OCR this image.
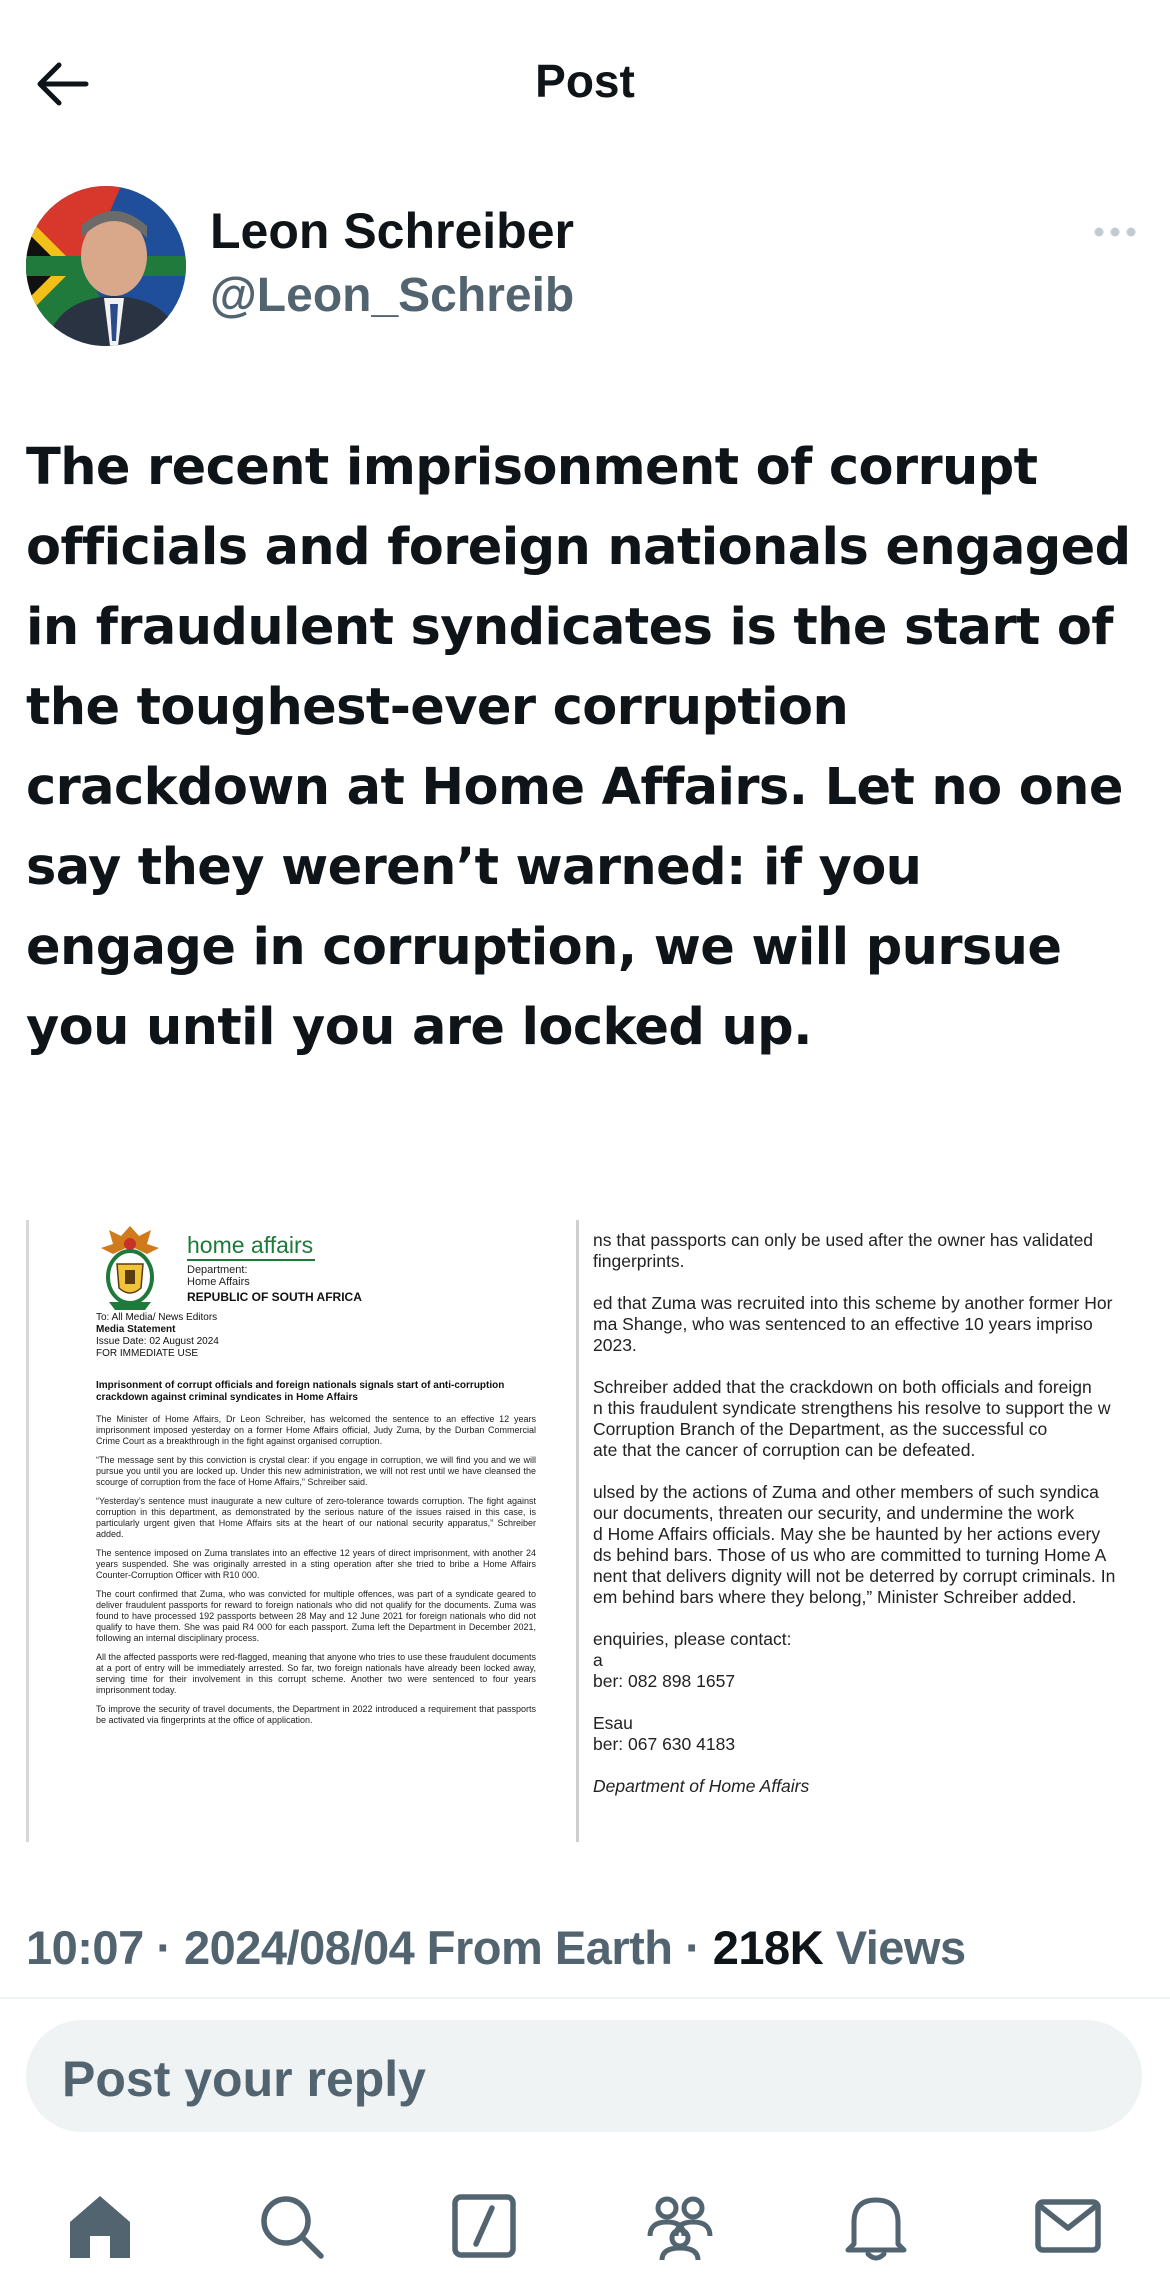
Post
Leon Schreiber
@Leon_Schreib
The recent imprisonment of corrupt officials and foreign nationals engaged in fraudulent syndicates is the start of the toughest-ever corruption crackdown at Home Affairs. Let no one say they weren’t warned: if you engage in corruption, we will pursue you until you are locked up.
home affairs
Department:
Home Affairs
REPUBLIC OF SOUTH AFRICA
To: All Media/ News Editors
Media Statement
Issue Date: 02 August 2024
FOR IMMEDIATE USE
Imprisonment of corrupt officials and foreign nationals signals start of anti-corruption crackdown against criminal syndicates in Home Affairs

The Minister of Home Affairs, Dr Leon Schreiber, has welcomed the sentence to an effective 12 years imprisonment imposed yesterday on a former Home Affairs official, Judy Zuma, by the Durban Commercial Crime Court as a breakthrough in the fight against organised corruption.

“The message sent by this conviction is crystal clear: if you engage in corruption, we will find you and we will pursue you until you are locked up. Under this new administration, we will not rest until we have cleansed the scourge of corruption from the face of Home Affairs,” Schreiber said.

“Yesterday’s sentence must inaugurate a new culture of zero-tolerance towards corruption. The fight against corruption in this department, as demonstrated by the serious nature of the issues raised in this case, is particularly urgent given that Home Affairs sits at the heart of our national security apparatus,” Schreiber added.

The sentence imposed on Zuma translates into an effective 12 years of direct imprisonment, with another 24 years suspended. She was originally arrested in a sting operation after she tried to bribe a Home Affairs Counter-Corruption Officer with R10 000.

The court confirmed that Zuma, who was convicted for multiple offences, was part of a syndicate geared to deliver fraudulent passports for reward to foreign nationals who did not qualify for the documents. Zuma was found to have processed 192 passports between 28 May and 12 June 2021 for foreign nationals who did not qualify to have them. She was paid R4 000 for each passport. Zuma left the Department in December 2021, following an internal disciplinary process.

All the affected passports were red-flagged, meaning that anyone who tries to use these fraudulent documents at a port of entry will be immediately arrested. So far, two foreign nationals have already been locked away, serving time for their involvement in this corrupt scheme. Another two were sentenced to four years imprisonment today.

To improve the security of travel documents, the Department in 2022 introduced a requirement that passports be activated via fingerprints at the office of application.

ns that passports can only be used after the owner has validated
fingerprints.

ed that Zuma was recruited into this scheme by another former Hor
ma Shange, who was sentenced to an effective 10 years impriso
2023.

Schreiber added that the crackdown on both officials and foreign
n this fraudulent syndicate strengthens his resolve to support the w
Corruption Branch of the Department, as the successful co
ate that the cancer of corruption can be defeated.

ulsed by the actions of Zuma and other members of such syndica
our documents, threaten our security, and undermine the work
d Home Affairs officials. May she be haunted by her actions every
ds behind bars. Those of us who are committed to turning Home A
nent that delivers dignity will not be deterred by corrupt criminals. In
em behind bars where they belong,” Minister Schreiber added.

enquiries, please contact:
a
ber: 082 898 1657

Esau
ber: 067 630 4183

Department of Home Affairs

10:07 · 2024/08/04 From Earth · 218K Views
Post your reply
